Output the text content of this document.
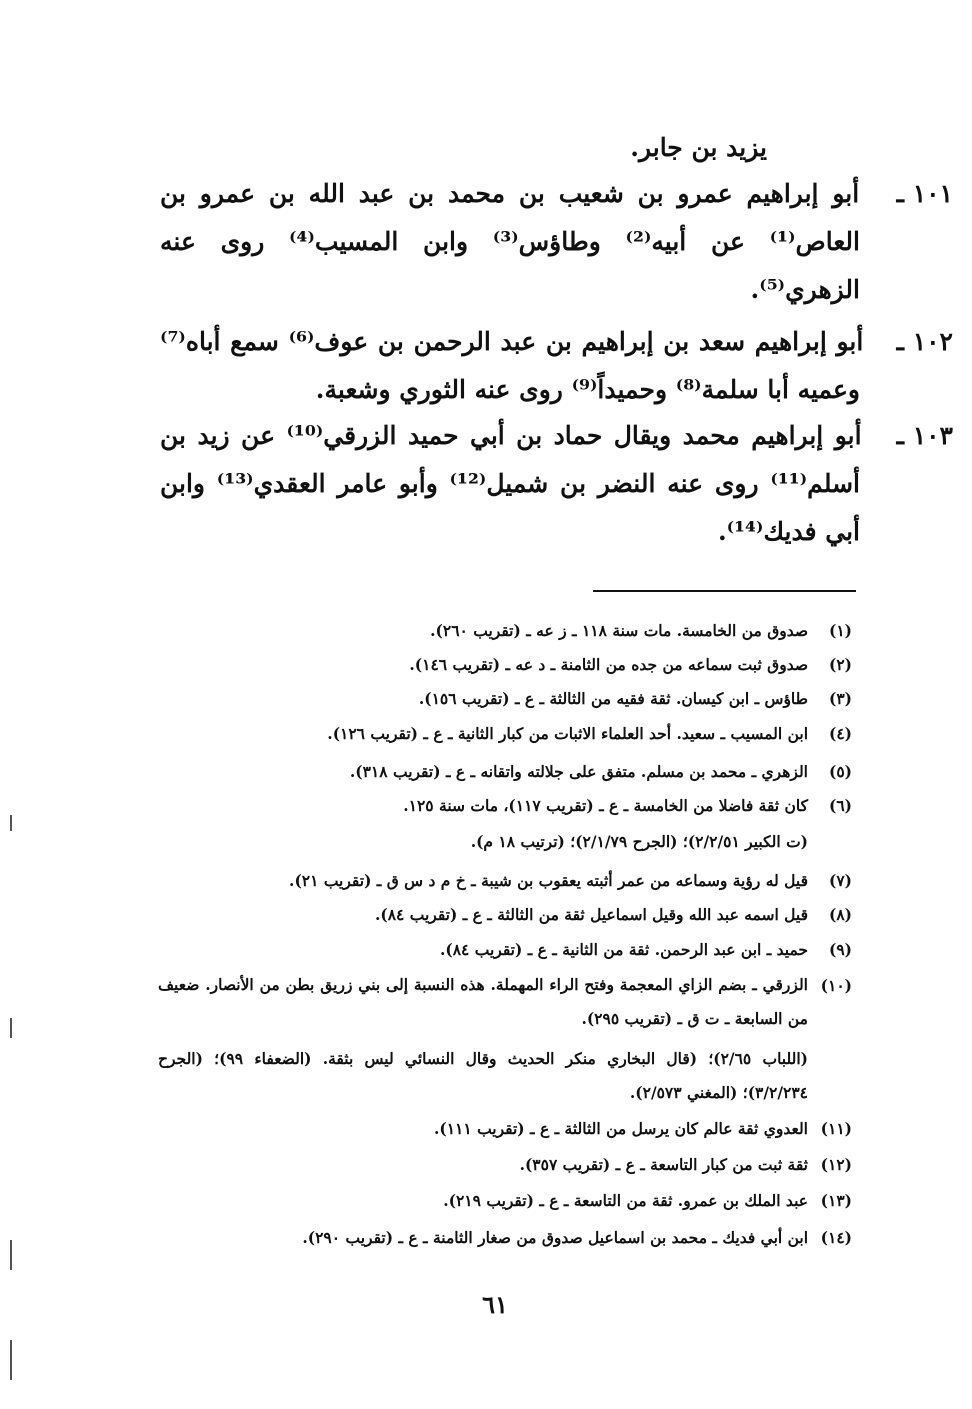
يزيد بن جابر.
١٠١ ـ أبو إبراهيم عمرو بن شعيب بن محمد بن عبد الله بن عمرو بن العاص⁽¹⁾ عن أبيه⁽²⁾ وطاؤس⁽³⁾ وابن المسيب⁽⁴⁾ روى عنه الزهري⁽⁵⁾.
١٠٢ ـ أبو إبراهيم سعد بن إبراهيم بن عبد الرحمن بن عوف⁽⁶⁾ سمع أباه⁽⁷⁾ وعميه أبا سلمة⁽⁸⁾ وحميداً⁽⁹⁾ روى عنه الثوري وشعبة.
١٠٣ ـ أبو إبراهيم محمد ويقال حماد بن أبي حميد الزرقي⁽¹⁰⁾ عن زيد بن أسلم⁽¹¹⁾ روى عنه النضر بن شميل⁽¹²⁾ وأبو عامر العقدي⁽¹³⁾ وابن أبي فديك⁽¹⁴⁾.
(١)
صدوق من الخامسة. مات سنة ١١٨ ـ ز عه ـ (تقريب ٢٦٠).
(٢)
صدوق ثبت سماعه من جده من الثامنة ـ د عه ـ (تقريب ١٤٦).
(٣)
طاؤس ـ ابن كيسان. ثقة فقيه من الثالثة ـ ع ـ (تقريب ١٥٦).
(٤)
ابن المسيب ـ سعيد. أحد العلماء الاثبات من كبار الثانية ـ ع ـ (تقريب ١٢٦).
(٥)
الزهري ـ محمد بن مسلم. متفق على جلالته واتقانه ـ ع ـ (تقريب ٣١٨).
(٦)
كان ثقة فاضلا من الخامسة ـ ع ـ (تقريب ١١٧)، مات سنة ١٢٥.
(ت الكبير ٢/٢/٥١)؛ (الجرح ٢/١/٧٩)؛ (ترتيب ١٨ م).
(٧)
قيل له رؤية وسماعه من عمر أثبته يعقوب بن شيبة ـ خ م د س ق ـ (تقريب ٢١).
(٨)
قيل اسمه عبد الله وقيل اسماعيل ثقة من الثالثة ـ ع ـ (تقريب ٨٤).
(٩)
حميد ـ ابن عبد الرحمن. ثقة من الثانية ـ ع ـ (تقريب ٨٤).
(١٠)
الزرقي ـ بضم الزاي المعجمة وفتح الراء المهملة. هذه النسبة إلى بني زريق بطن من الأنصار. ضعيف من السابعة ـ ت ق ـ (تقريب ٢٩٥).
(اللباب ٢/٦٥)؛ (قال البخاري منكر الحديث وقال النسائي ليس بثقة. (الضعفاء ٩٩)؛ (الجرح ٣/٢/٢٣٤)؛ (المغني ٢/٥٧٣).
(١١)
العدوي ثقة عالم كان يرسل من الثالثة ـ ع ـ (تقريب ١١١).
(١٢)
ثقة ثبت من كبار التاسعة ـ ع ـ (تقريب ٣٥٧).
(١٣)
عبد الملك بن عمرو. ثقة من التاسعة ـ ع ـ (تقريب ٢١٩).
(١٤)
ابن أبي فديك ـ محمد بن اسماعيل صدوق من صغار الثامنة ـ ع ـ (تقريب ٢٩٠).
٦١
